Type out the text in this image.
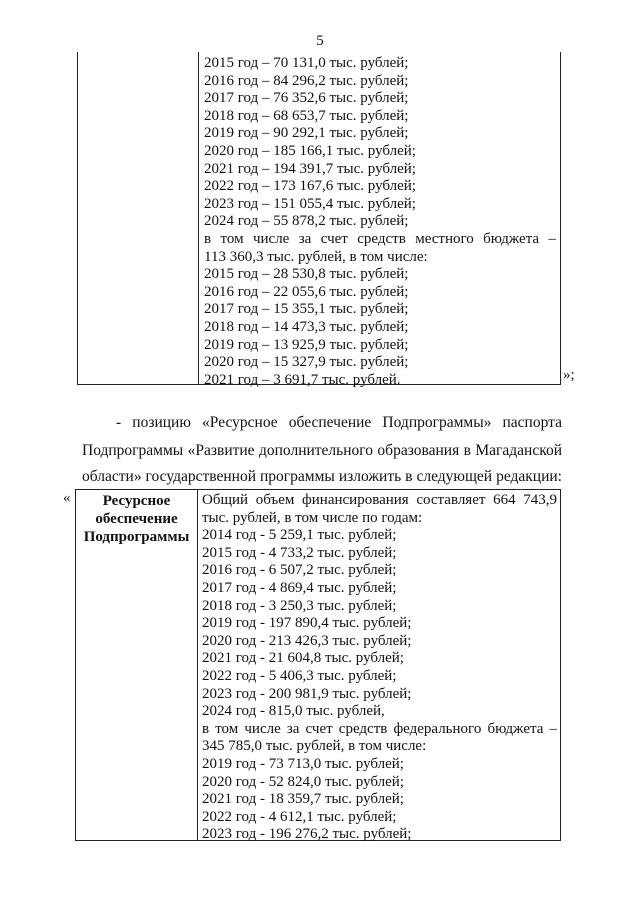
5
2015 год – 70 131,0 тыс. рублей;
2016 год – 84 296,2 тыс. рублей;
2017 год – 76 352,6 тыс. рублей;
2018 год – 68 653,7 тыс. рублей;
2019 год – 90 292,1 тыс. рублей;
2020 год – 185 166,1 тыс. рублей;
2021 год – 194 391,7 тыс. рублей;
2022 год – 173 167,6 тыс. рублей;
2023 год – 151 055,4 тыс. рублей;
2024 год – 55 878,2 тыс. рублей;
в том числе за счет средств местного бюджета –
113 360,3 тыс. рублей, в том числе:
2015 год – 28 530,8 тыс. рублей;
2016 год – 22 055,6 тыс. рублей;
2017 год – 15 355,1 тыс. рублей;
2018 год – 14 473,3 тыс. рублей;
2019 год – 13 925,9 тыс. рублей;
2020 год – 15 327,9 тыс. рублей;
2021 год – 3 691,7 тыс. рублей.	»;
- позицию «Ресурсное обеспечение Подпрограммы» паспорта
Подпрограммы «Развитие дополнительного образования в Магаданской
области» государственной программы изложить в следующей редакции:
«	Ресурсное
обеспечение
Подпрограммы
Общий объем финансирования составляет 664 743,9
тыс. рублей, в том числе по годам:
2014 год - 5 259,1 тыс. рублей;
2015 год - 4 733,2 тыс. рублей;
2016 год - 6 507,2 тыс. рублей;
2017 год - 4 869,4 тыс. рублей;
2018 год - 3 250,3 тыс. рублей;
2019 год - 197 890,4 тыс. рублей;
2020 год - 213 426,3 тыс. рублей;
2021 год - 21 604,8 тыс. рублей;
2022 год - 5 406,3 тыс. рублей;
2023 год - 200 981,9 тыс. рублей;
2024 год - 815,0 тыс. рублей,
в том числе за счет средств федерального бюджета –
345 785,0 тыс. рублей, в том числе:
2019 год - 73 713,0 тыс. рублей;
2020 год - 52 824,0 тыс. рублей;
2021 год - 18 359,7 тыс. рублей;
2022 год - 4 612,1 тыс. рублей;
2023 год - 196 276,2 тыс. рублей;
